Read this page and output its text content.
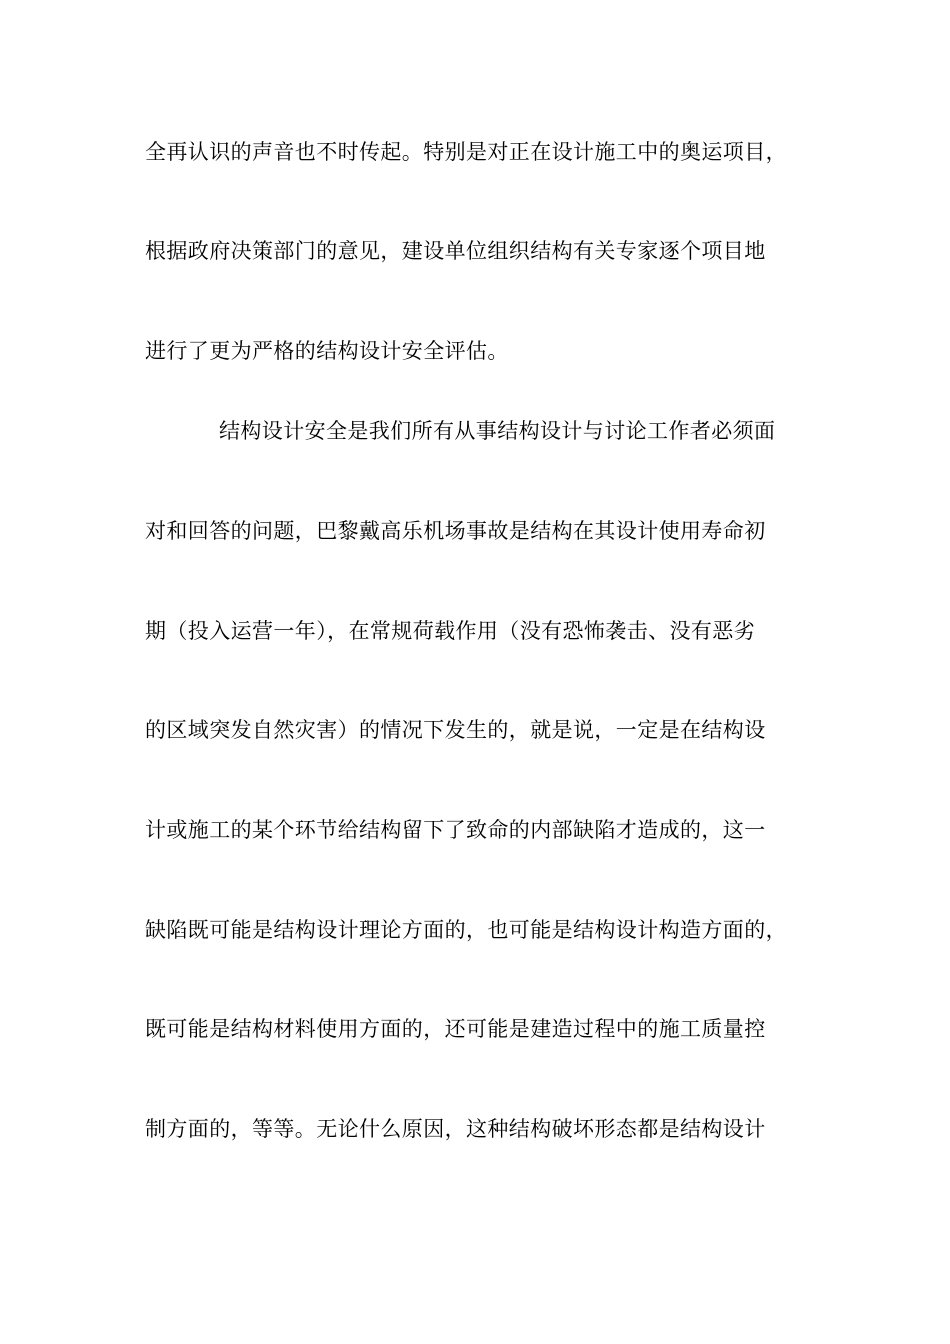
全再认识的声音也不时传起。特别是对正在设计施工中的奥运项目，
根据政府决策部门的意见，建设单位组织结构有关专家逐个项目地
进行了更为严格的结构设计安全评估。
结构设计安全是我们所有从事结构设计与讨论工作者必须面
对和回答的问题，巴黎戴高乐机场事故是结构在其设计使用寿命初
期（投入运营一年），在常规荷载作用（没有恐怖袭击、没有恶劣
的区域突发自然灾害）的情况下发生的，就是说，一定是在结构设
计或施工的某个环节给结构留下了致命的内部缺陷才造成的，这一
缺陷既可能是结构设计理论方面的，也可能是结构设计构造方面的，
既可能是结构材料使用方面的，还可能是建造过程中的施工质量控
制方面的，等等。无论什么原因，这种结构破坏形态都是结构设计
